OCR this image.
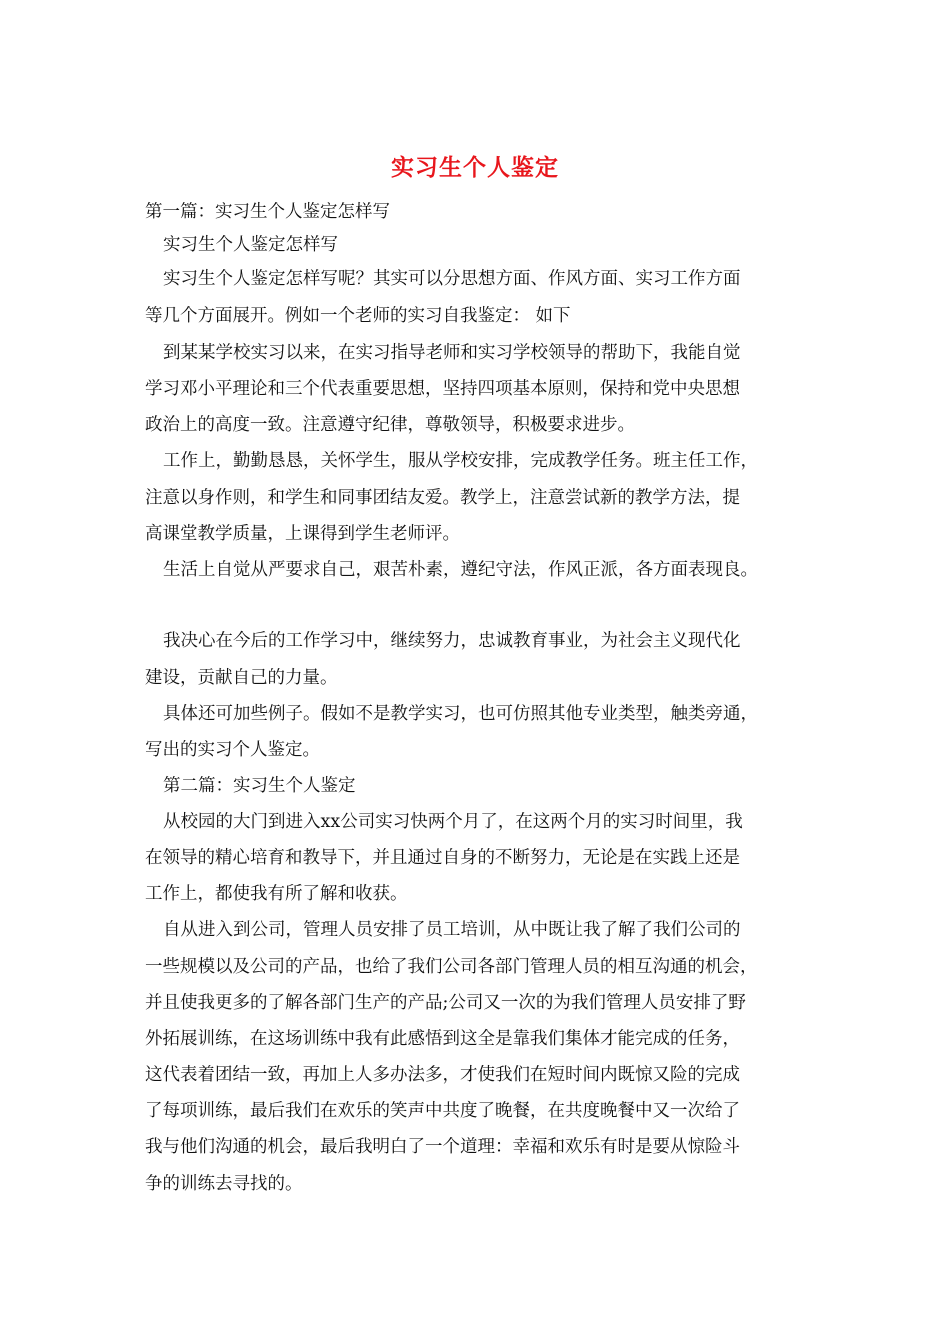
实习生个人鉴定
第一篇：实习生个人鉴定怎样写
实习生个人鉴定怎样写
实习生个人鉴定怎样写呢？其实可以分思想方面、作风方面、实习工作方面
等几个方面展开。例如一个老师的实习自我鉴定： 如下
到某某学校实习以来，在实习指导老师和实习学校领导的帮助下，我能自觉
学习邓小平理论和三个代表重要思想，坚持四项基本原则，保持和党中央思想
政治上的高度一致。注意遵守纪律，尊敬领导，积极要求进步。
工作上，勤勤恳恳，关怀学生，服从学校安排，完成教学任务。班主任工作，
注意以身作则，和学生和同事团结友爱。教学上，注意尝试新的教学方法，提
高课堂教学质量，上课得到学生老师评。
生活上自觉从严要求自己，艰苦朴素，遵纪守法，作风正派，各方面表现良。
我决心在今后的工作学习中，继续努力，忠诚教育事业，为社会主义现代化
建设，贡献自己的力量。
具体还可加些例子。假如不是教学实习，也可仿照其他专业类型，触类旁通，
写出的实习个人鉴定。
第二篇：实习生个人鉴定
从校园的大门到进入xx公司实习快两个月了，在这两个月的实习时间里，我
在领导的精心培育和教导下，并且通过自身的不断努力，无论是在实践上还是
工作上，都使我有所了解和收获。
自从进入到公司，管理人员安排了员工培训，从中既让我了解了我们公司的
一些规模以及公司的产品，也给了我们公司各部门管理人员的相互沟通的机会，
并且使我更多的了解各部门生产的产品;公司又一次的为我们管理人员安排了野
外拓展训练，在这场训练中我有此感悟到这全是靠我们集体才能完成的任务，
这代表着团结一致，再加上人多办法多，才使我们在短时间内既惊又险的完成
了每项训练，最后我们在欢乐的笑声中共度了晚餐，在共度晚餐中又一次给了
我与他们沟通的机会，最后我明白了一个道理：幸福和欢乐有时是要从惊险斗
争的训练去寻找的。
